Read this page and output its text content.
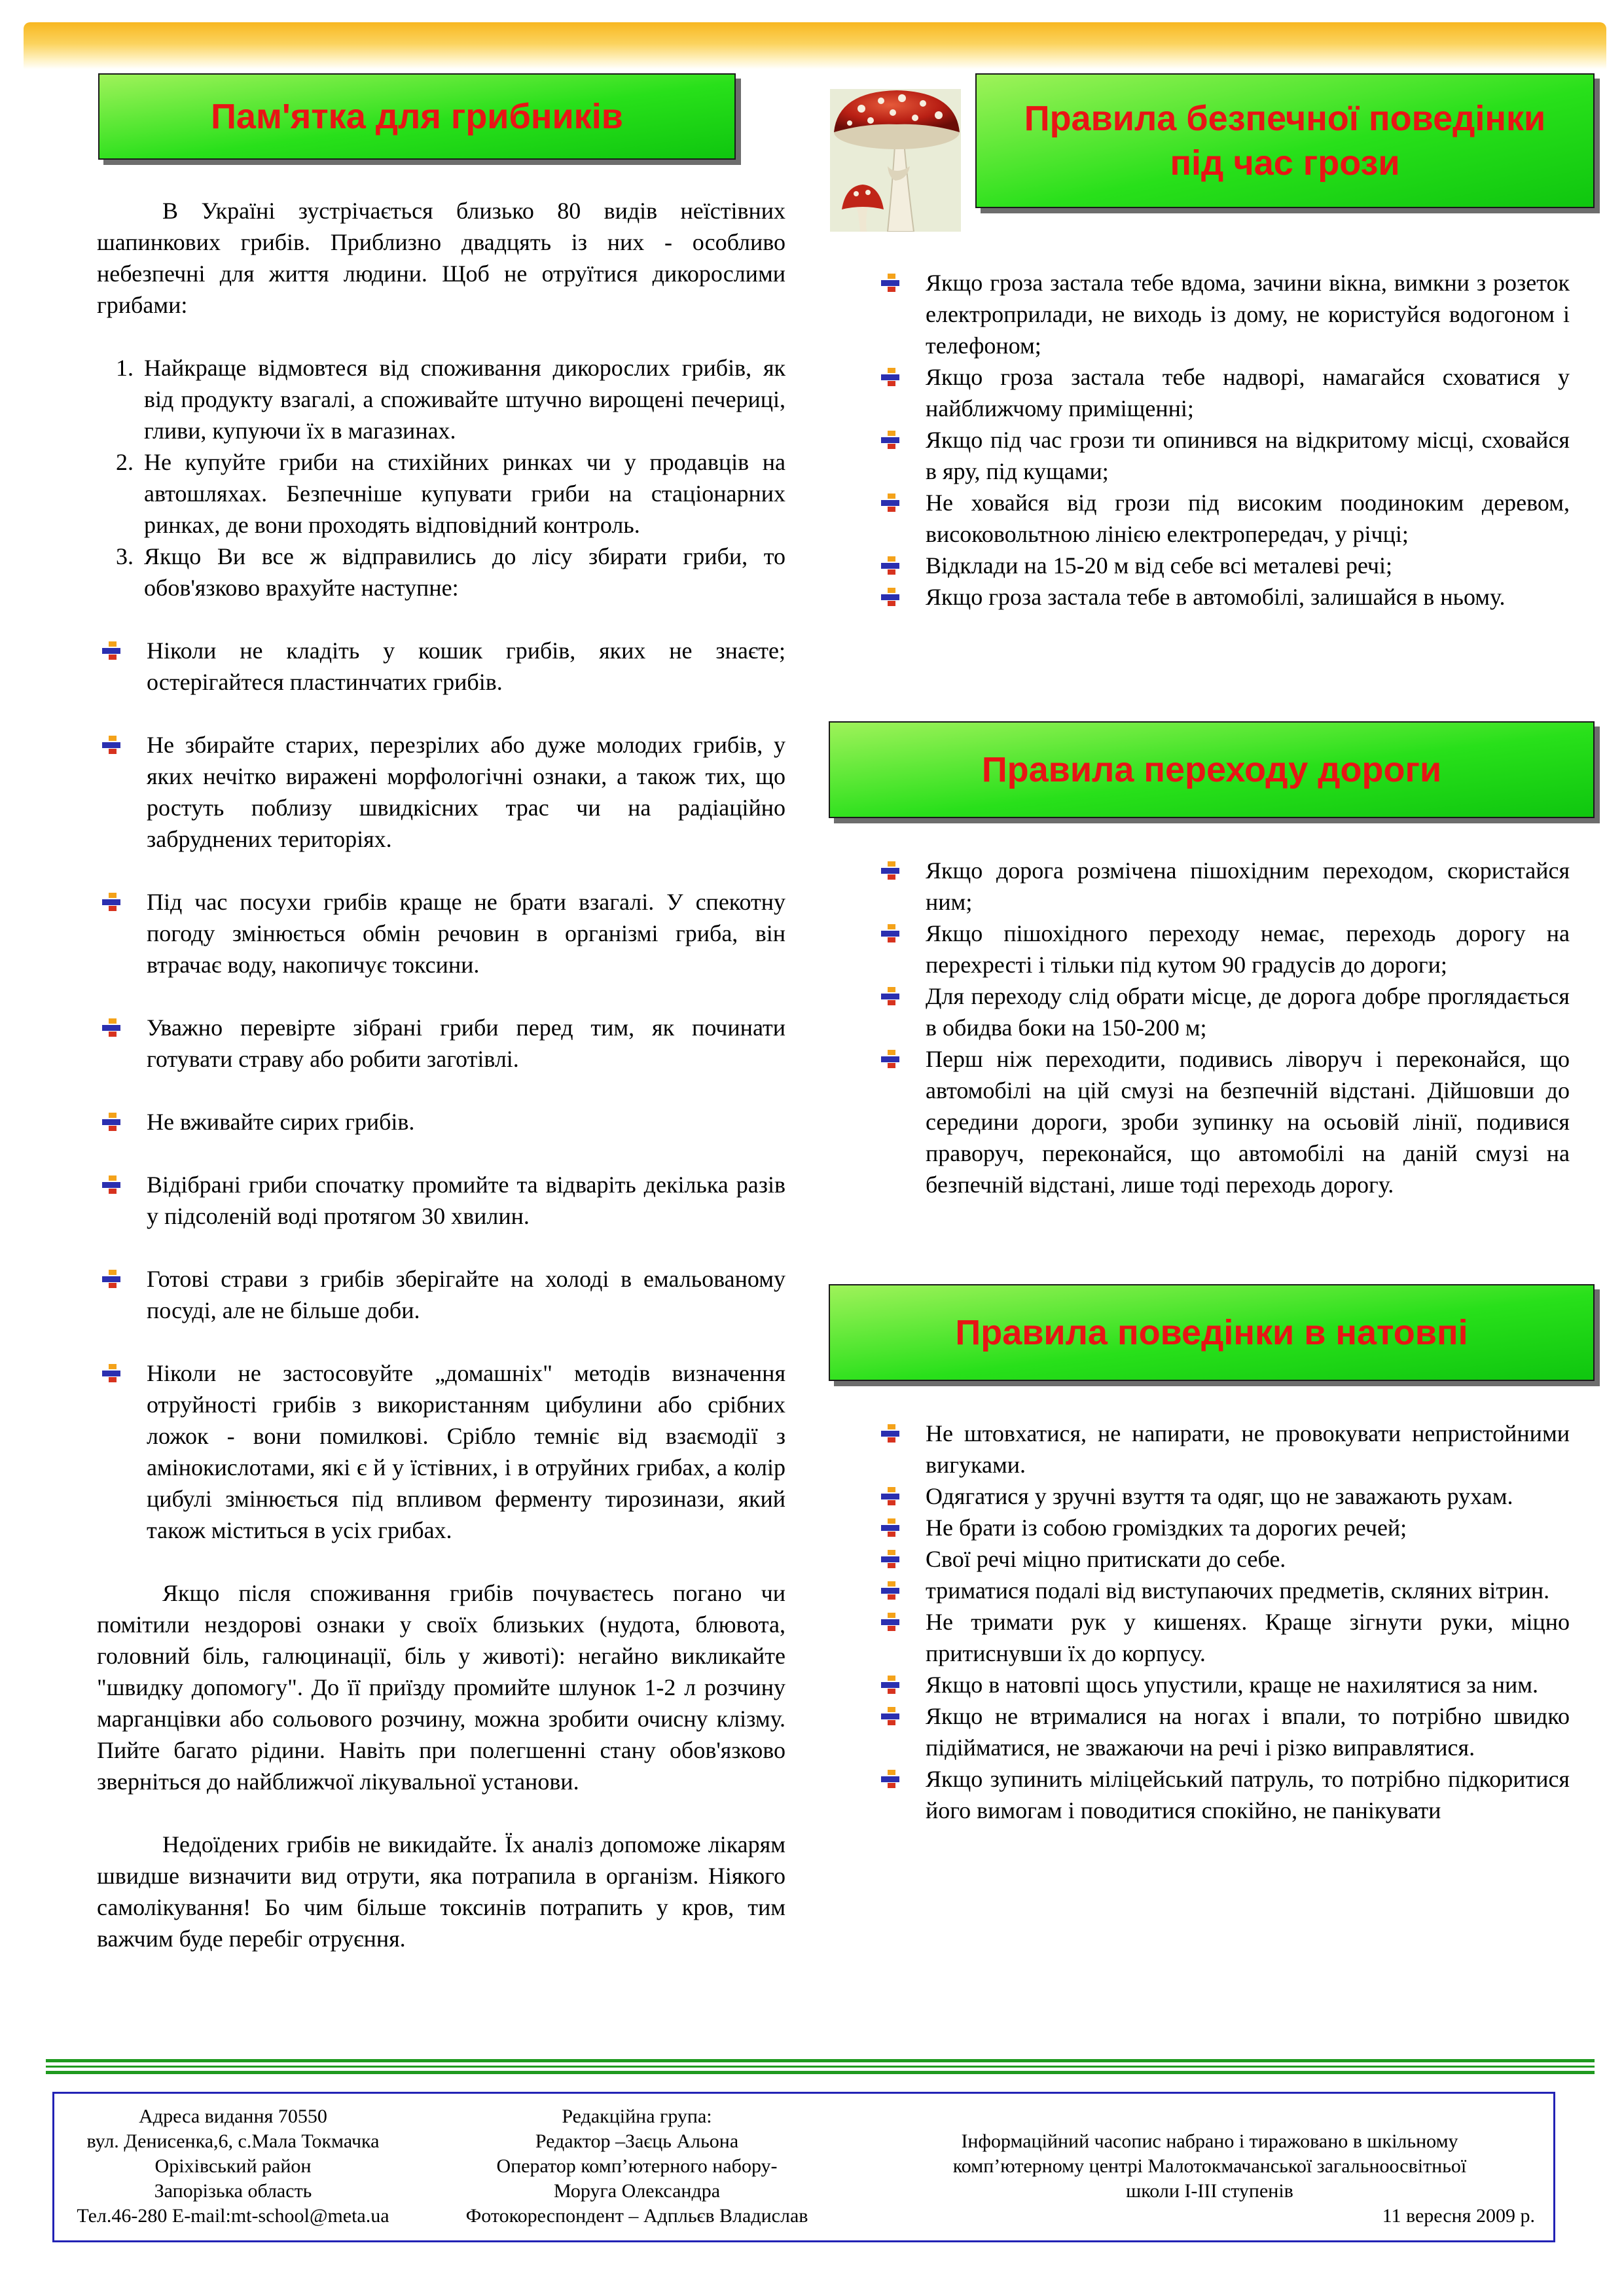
Пам'ятка для грибників

В Україні зустрічається близько 80 видів неїстівних шапинкових грибів. Приблизно двадцять із них - особливо небезпечні для життя людини. Щоб не отруїтися дикорослими грибами:

1. Найкраще відмовтеся від споживання дикорослих грибів, як від продукту взагалі, а споживайте штучно вирощені печериці, гливи, купуючи їх в магазинах.
2. Не купуйте гриби на стихійних ринках чи у продавців на автошляхах. Безпечніше купувати гриби на стаціонарних ринках, де вони проходять відповідний контроль.
3. Якщо Ви все ж відправились до лісу збирати гриби, то обов'язково врахуйте наступне:
Ніколи не кладіть у кошик грибів, яких не знаєте; остерігайтеся пластинчатих грибів.
Не збирайте старих, перезрілих або дуже молодих грибів, у яких нечітко виражені морфологічні ознаки, а також тих, що ростуть поблизу швидкісних трас чи на радіаційно забруднених територіях.
Під час посухи грибів краще не брати взагалі. У спекотну погоду змінюється обмін речовин в організмі гриба, він втрачає воду, накопичує токсини.
Уважно перевірте зібрані гриби перед тим, як починати готувати страву або робити заготівлі.
Не вживайте сирих грибів.
Відібрані гриби спочатку промийте та відваріть декілька разів у підсоленій воді протягом 30 хвилин.
Готові страви з грибів зберігайте на холоді в емальованому посуді, але не більше доби.
Ніколи не застосовуйте „домашніх" методів визначення отруйності грибів з використанням цибулини або срібних ложок - вони помилкові. Срібло темніє від взаємодії з амінокислотами, які є й у їстівних, і в отруйних грибах, а колір цибулі змінюється під впливом ферменту тирозинази, який також міститься в усіх грибах.

Якщо після споживання грибів почуваєтесь погано чи помітили нездорові ознаки у своїх близьких (нудота, блювота, головний біль, галюцинації, біль у животі): негайно викликайте "швидку допомогу". До її приїзду промийте шлунок 1-2 л розчину марганцівки або сольового розчину, можна зробити очисну клізму. Пийте багато рідини. Навіть при полегшенні стану обов'язково зверніться до найближчої лікувальної установи.

Недоїдених грибів не викидайте. Їх аналіз допоможе лікарям швидше визначити вид отрути, яка потрапила в організм. Ніякого самолікування! Бо чим більше токсинів потрапить у кров, тим важчим буде перебіг отруєння.

Правила безпечної поведінки
під час грози
Якщо гроза застала тебе вдома, зачини вікна, вимкни з розеток електроприлади, не виходь із дому, не користуйся водогоном і телефоном;
Якщо гроза застала тебе надворі, намагайся сховатися у найближчому приміщенні;
Якщо під час грози ти опинився на відкритому місці, сховайся в яру, під кущами;
Не ховайся від грози під високим поодиноким деревом, високовольтною лінією електропередач, у річці;
Відклади на 15-20 м від себе всі металеві речі;
Якщо гроза застала тебе в автомобілі, залишайся в ньому.
Правила переходу дороги
Якщо дорога розмічена пішохідним переходом, скористайся ним;
Якщо пішохідного переходу немає, переходь дорогу на перехресті і тільки під кутом 90 градусів до дороги;
Для переходу слід обрати місце, де дорога добре проглядається в обидва боки на 150-200 м;
Перш ніж переходити, подивись ліворуч і переконайся, що автомобілі на цій смузі на безпечній відстані. Дійшовши до середини дороги, зроби зупинку на осьовій лінії, подивися праворуч, переконайся, що автомобілі на даній смузі на безпечній відстані, лише тоді переходь дорогу.
Правила поведінки в натовпі
Не штовхатися, не напирати, не провокувати непристойними вигуками.
Одягатися у зручні взуття та одяг, що не заважають рухам.
Не брати із собою громіздких та дорогих речей;
Свої речі міцно притискати до себе.
триматися подалі від виступаючих предметів, скляних вітрин.
Не тримати рук у кишенях. Краще зігнути руки, міцно притиснувши їх до корпусу.
Якщо в натовпі щось упустили, краще не нахилятися за ним.
Якщо не втрималися на ногах і впали, то потрібно швидко підійматися, не зважаючи на речі і різко виправлятися.
Якщо зупинить міліцейський патруль, то потрібно підкоритися його вимогам і поводитися спокійно, не панікувати
Адреса видання 70550
вул. Денисенка,6, с.Мала Токмачка
Оріхівський район
Запорізька область
Тел.46-280 E-mail:mt-school@meta.ua
Редакційна група:
Редактор –Заєць Альона
Оператор комп’ютерного набору-
Моруга Олександра
Фотокореспондент – Адпльєв Владислав
Інформаційний часопис набрано і тиражовано в шкільному
комп’ютерному центрі Малотокмачанської загальноосвітньої
школи І-ІІІ ступенів
11 вересня 2009 р.
